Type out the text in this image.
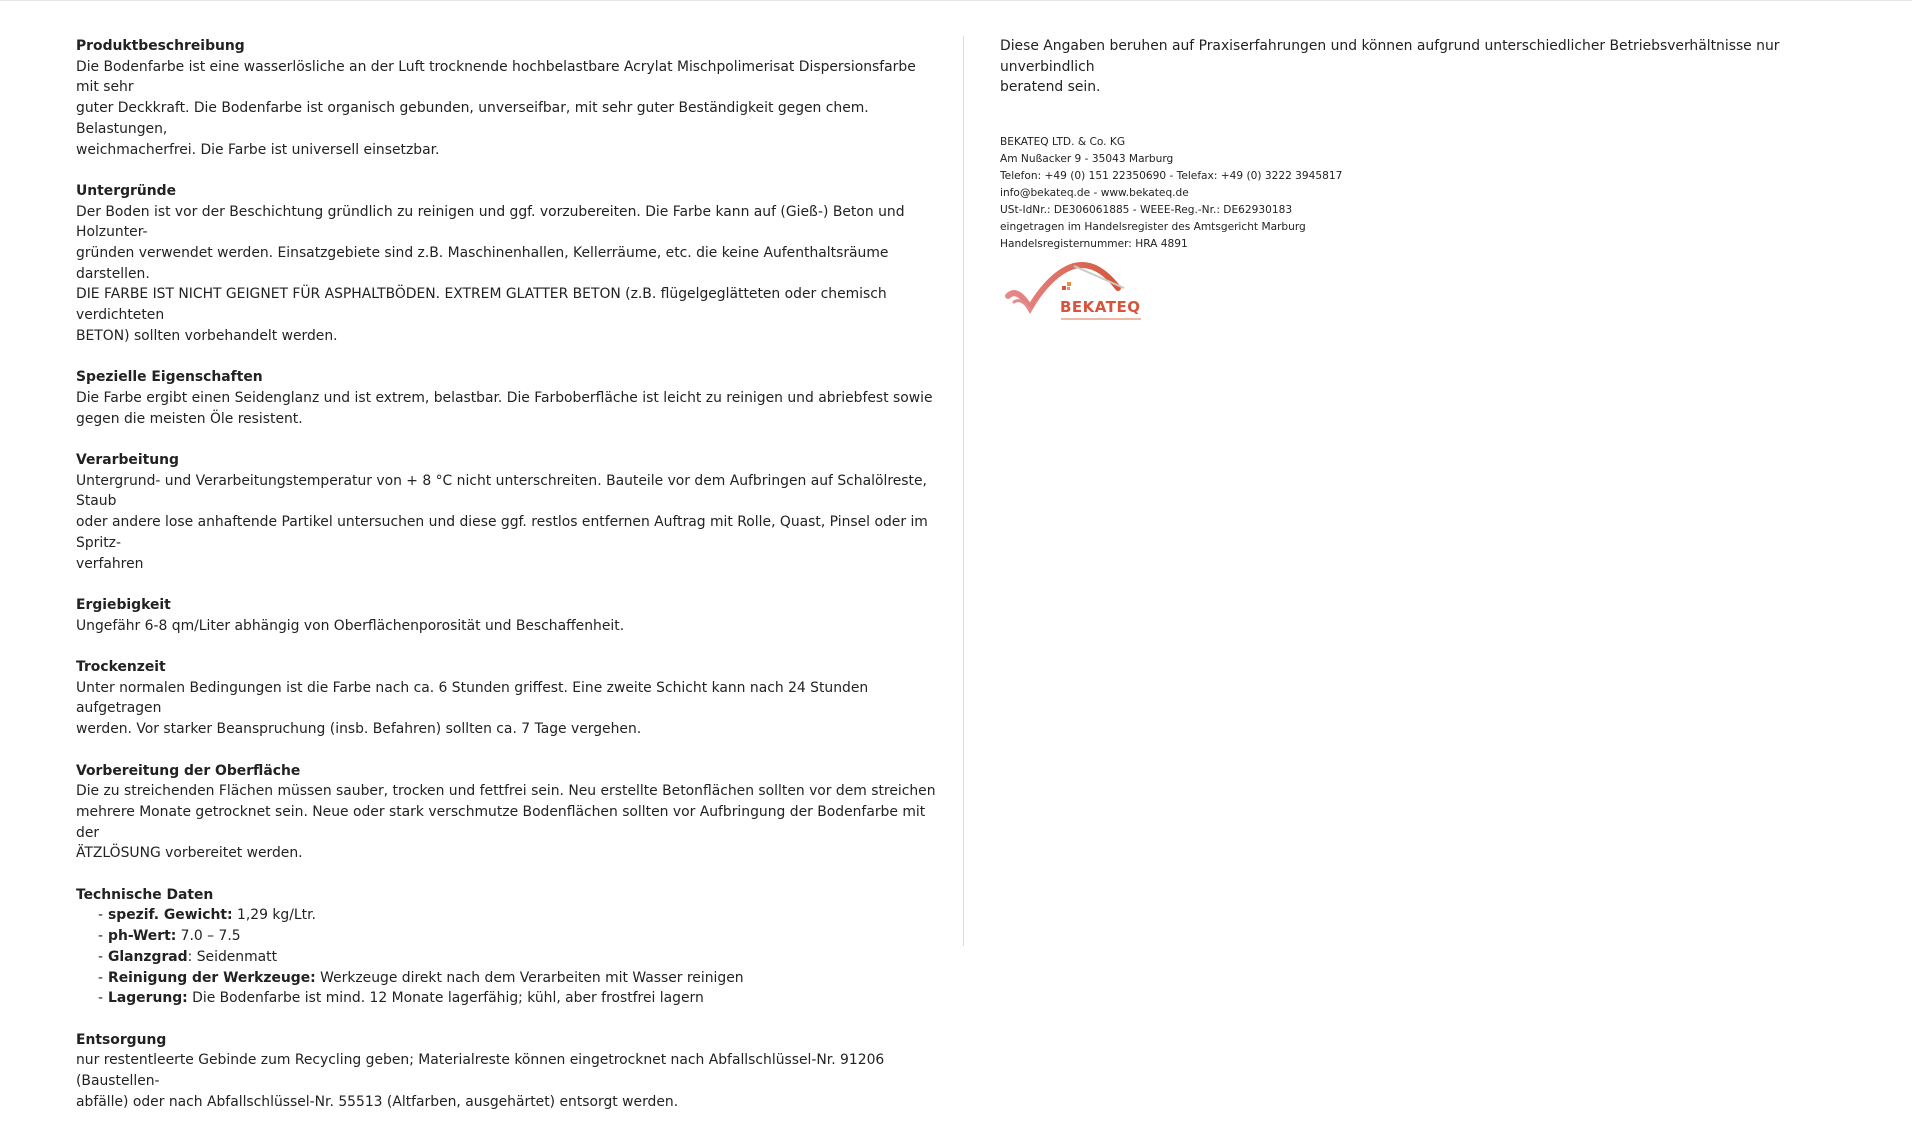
Produktbeschreibung
Die Bodenfarbe ist eine wasserlösliche an der Luft trocknende hochbelastbare Acrylat Mischpolimerisat Dispersionsfarbe mit sehr
guter Deckkraft. Die Bodenfarbe ist organisch gebunden, unverseifbar, mit sehr guter Beständigkeit gegen chem. Belastungen,
weichmacherfrei. Die Farbe ist universell einsetzbar.
Untergründe
Der Boden ist vor der Beschichtung gründlich zu reinigen und ggf. vorzubereiten. Die Farbe kann auf (Gieß-) Beton und Holzunter-
gründen verwendet werden. Einsatzgebiete sind z.B. Maschinenhallen, Kellerräume, etc. die keine Aufenthaltsräume darstellen.
DIE FARBE IST NICHT GEIGNET FÜR ASPHALTBÖDEN. EXTREM GLATTER BETON (z.B. flügelgeglätteten oder chemisch verdichteten
BETON) sollten vorbehandelt werden.
Spezielle Eigenschaften
Die Farbe ergibt einen Seidenglanz und ist extrem, belastbar. Die Farboberfläche ist leicht zu reinigen und abriebfest sowie
gegen die meisten Öle resistent.
Verarbeitung
Untergrund- und Verarbeitungstemperatur von + 8 °C nicht unterschreiten. Bauteile vor dem Aufbringen auf Schalölreste, Staub
oder andere lose anhaftende Partikel untersuchen und diese ggf. restlos entfernen Auftrag mit Rolle, Quast, Pinsel oder im Spritz-
verfahren
Ergiebigkeit
Ungefähr 6-8 qm/Liter abhängig von Oberflächenporosität und Beschaffenheit.
Trockenzeit
Unter normalen Bedingungen ist die Farbe nach ca. 6 Stunden griffest. Eine zweite Schicht kann nach 24 Stunden aufgetragen
werden. Vor starker Beanspruchung (insb. Befahren) sollten ca. 7 Tage vergehen.
Vorbereitung der Oberfläche
Die zu streichenden Flächen müssen sauber, trocken und fettfrei sein. Neu erstellte Betonflächen sollten vor dem streichen
mehrere Monate getrocknet sein. Neue oder stark verschmutze Bodenflächen sollten vor Aufbringung der Bodenfarbe mit der
ÄTZLÖSUNG vorbereitet werden.
Technische Daten
- spezif. Gewicht: 1,29 kg/Ltr.
- ph-Wert: 7.0 – 7.5
- Glanzgrad: Seidenmatt
- Reinigung der Werkzeuge: Werkzeuge direkt nach dem Verarbeiten mit Wasser reinigen
- Lagerung: Die Bodenfarbe ist mind. 12 Monate lagerfähig; kühl, aber frostfrei lagern
Entsorgung
nur restentleerte Gebinde zum Recycling geben; Materialreste können eingetrocknet nach Abfallschlüssel-Nr. 91206 (Baustellen-
abfälle) oder nach Abfallschlüssel-Nr. 55513 (Altfarben, ausgehärtet) entsorgt werden.
Diese Angaben beruhen auf Praxiserfahrungen und können aufgrund unterschiedlicher Betriebsverhältnisse nur unverbindlich
beratend sein.
BEKATEQ LTD. & Co. KG
Am Nußacker 9 - 35043 Marburg
Telefon: +49 (0) 151 22350690 - Telefax: +49 (0) 3222 3945817
info@bekateq.de - www.bekateq.de
USt-IdNr.: DE306061885 - WEEE-Reg.-Nr.: DE62930183
eingetragen im Handelsregister des Amtsgericht Marburg
Handelsregisternummer: HRA 4891
BEKATEQ
